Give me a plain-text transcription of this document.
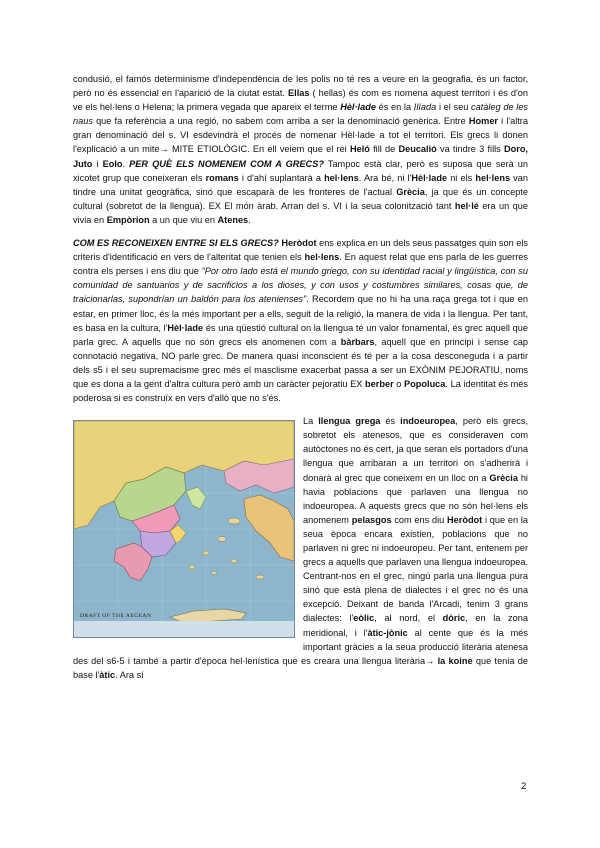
condusió, el famós determinisme d'independència de les polis no té res a veure en la geografia, és un factor, però no és essencial en l'aparició de la ciutat estat. Ellas ( hellas) és com es nomena aquest territori i és d'on ve els hel·lens o Helena; la primera vegada que apareix el terme Hèl·lade és en la Ilíada i el seu catàleg de les naus que fa referència a una regió, no sabem com arriba a ser la denominació genèrica. Entre Homer i l'altra gran denominació del s. VI esdevindrà el procés de nomenar Hèl·lade a tot el territori. Els grecs li donen l'explicació a un mite→ MITE ETIOLÒGIC. En ell veiem que el rei Heló fill de Deucalió va tindre 3 fills Doro, Juto i Eolo. PER QUÈ ELS NOMENEM COM A GRECS? Tampoc està clar, però es suposa que serà un xicotet grup que coneixeran els romans i d'ahí suplantarà a hel·lens. Ara bé, ni l'Hèl·lade ni els hel·lens van tindre una unitat geogràfica, sinó que escaparà de les fronteres de l'actual Grècia, ja que és un concepte cultural (sobretot de la llengua). EX El món àrab. Arran del s. VI i la seua colonització tant hel·lé era un que vivia en Empòrion a un que viu en Atenes.

COM ES RECONEIXEN ENTRE SI ELS GRECS? Heròdot ens explica en un dels seus passatges quin son els criteris d'identificació en vers de l'alteritat que tenien els hel·lens. En aquest relat que ens parla de les guerres contra els perses i ens diu que “Por otro lado está el mundo griego, con su identidad racial y lingüística, con su comunidad de santuarios y de sacrificios a los dioses, y con usos y costumbres similares, cosas que, de traicionarlas, supondrían un baldón para los atenienses”. Recordem que no hi ha una raça grega tot i que en estar, en primer lloc, és la més important per a ells, seguit de la religió, la manera de vida i la llengua. Per tant, es basa en la cultura, l'Hèl·lade és una qüestió cultural on la llengua té un valor fonamental, és grec aquell que parla grec. A aquells que no són grecs els anomenen com a bàrbars, aquell que en principi i sense cap connotació negativa, NO parle grec. De manera quasi inconscient és té per a la cosa desconeguda i a partir dels s5 i el seu supremacisme grec més el masclisme exacerbat passa a ser un EXÒNIM PEJORATIU, noms que es dona a la gent d'altra cultura però amb un caràcter pejoratiu EX berber o Popoluca. La identitat és més poderosa si es construïx en vers d'allò que no s'és.

DRAFT OF THE AEGEAN
La llengua grega és indoeuropea, però els grecs, sobretot els atenesos, que es consideraven com autòctones no és cert, ja que seran els portadors d'una llengua que arribaran a un territori on s'adherirà i donarà al grec que coneixem en un lloc on a Grècia hi havia poblacions que parlaven una llengua no indoeuropea. A aquests grecs que no són hel·lens els anomenem pelasgos com ens diu Heròdot i que en la seua època encara existien, poblacions que no parlaven ni grec ni indoeuropeu. Per tant, entenem per grecs a aquells que parlaven una llengua indoeuropea. Centrant-nos en el grec, ningú parla una llengua pura sinó que està plena de dialectes i el grec no és una excepció. Deixant de banda l'Arcadi, tenim 3 grans dialectes: l'eòlic, al nord, el dòric, en la zona meridional, i l'àtic-jònic al cente que és la més important gràcies a la seua producció literària atenesa des del s6-5 i també a partir d'època hel·lenística que es creara una llengua literària→ la koine que tenia de base l'àtic. Ara sí

2
